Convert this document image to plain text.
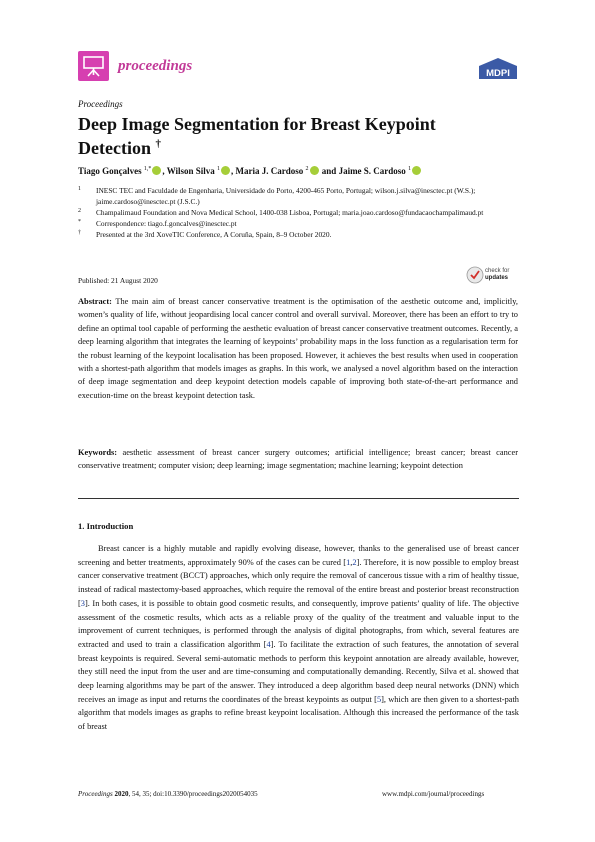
proceedings	MDPI
Proceedings
Deep Image Segmentation for Breast Keypoint Detection †
Tiago Gonçalves $^{1,*}$ , Wilson Silva $^1$ , Maria J. Cardoso $^2$ and Jaime S. Cardoso $^1$
1 INESC TEC and Faculdade de Engenharia, Universidade do Porto, 4200-465 Porto, Portugal; wilson.j.silva@inesctec.pt (W.S.); jaime.cardoso@inesctec.pt (J.S.C.)
2 Champalimaud Foundation and Nova Medical School, 1400-038 Lisboa, Portugal; maria.joao.cardoso@fundacaochampalimaud.pt
* Correspondence: tiago.f.goncalves@inesctec.pt
† Presented at the 3rd XoveTIC Conference, A Coruña, Spain, 8–9 October 2020.
Published: 21 August 2020
check for
updates
Abstract: The main aim of breast cancer conservative treatment is the optimisation of the aesthetic outcome and, implicitly, women’s quality of life, without jeopardising local cancer control and overall survival. Moreover, there has been an effort to try to define an optimal tool capable of performing the aesthetic evaluation of breast cancer conservative treatment outcomes. Recently, a deep learning algorithm that integrates the learning of keypoints’ probability maps in the loss function as a regularisation term for the robust learning of the keypoint localisation has been proposed. However, it achieves the best results when used in cooperation with a shortest-path algorithm that models images as graphs. In this work, we analysed a novel algorithm based on the interaction of deep image segmentation and deep keypoint detection models capable of improving both state-of-the-art performance and execution-time on the breast keypoint detection task.
Keywords: aesthetic assessment of breast cancer surgery outcomes; artificial intelligence; breast cancer; breast cancer conservative treatment; computer vision; deep learning; image segmentation; machine learning; keypoint detection
1. Introduction
Breast cancer is a highly mutable and rapidly evolving disease, however, thanks to the generalised use of breast cancer screening and better treatments, approximately 90% of the cases can be cured [1,2]. Therefore, it is now possible to employ breast cancer conservative treatment (BCCT) approaches, which only require the removal of cancerous tissue with a rim of healthy tissue, instead of radical mastectomy-based approaches, which require the removal of the entire breast and posterior breast reconstruction [3]. In both cases, it is possible to obtain good cosmetic results, and consequently, improve patients’ quality of life. The objective assessment of the cosmetic results, which acts as a reliable proxy of the quality of the treatment and valuable input to the improvement of current techniques, is performed through the analysis of digital photographs, from which, several features are extracted and used to train a classification algorithm [4]. To facilitate the extraction of such features, the annotation of several breast keypoints is required. Several semi-automatic methods to perform this keypoint annotation are already available, however, they still need the input from the user and are time-consuming and computationally demanding. Recently, Silva et al. showed that deep learning algorithms may be part of the answer. They introduced a deep algorithm based deep neural networks (DNN) which receives an image as input and returns the coordinates of the breast keypoints as output [5], which are then given to a shortest-path algorithm that models images as graphs to refine breast keypoint localisation. Although this increased the performance of the task of breast
Proceedings 2020, 54, 35; doi:10.3390/proceedings2020054035	www.mdpi.com/journal/proceedings
